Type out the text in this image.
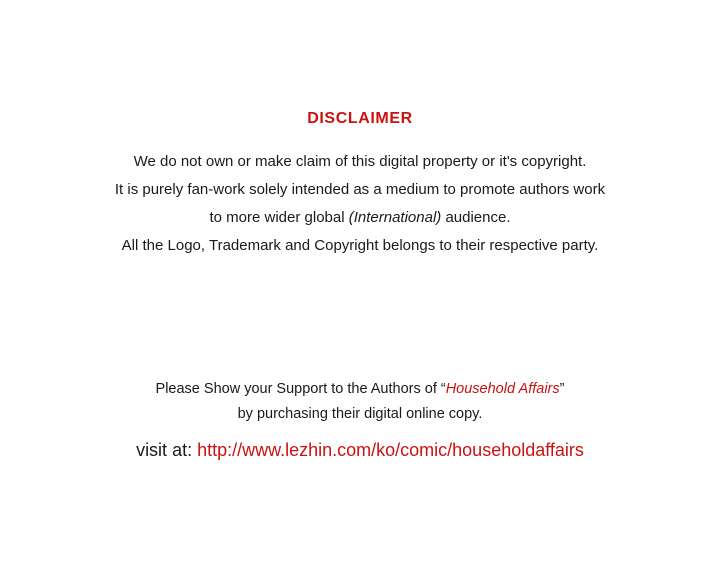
DISCLAIMER
We do not own or make claim of this digital property or it's copyright.
It is purely fan-work solely intended as a medium to promote authors work
to more wider global (International) audience.
All the Logo, Trademark and Copyright belongs to their respective party.
Please Show your Support to the Authors of “Household Affairs”
by purchasing their digital online copy.
visit at: http://www.lezhin.com/ko/comic/householdaffairs
